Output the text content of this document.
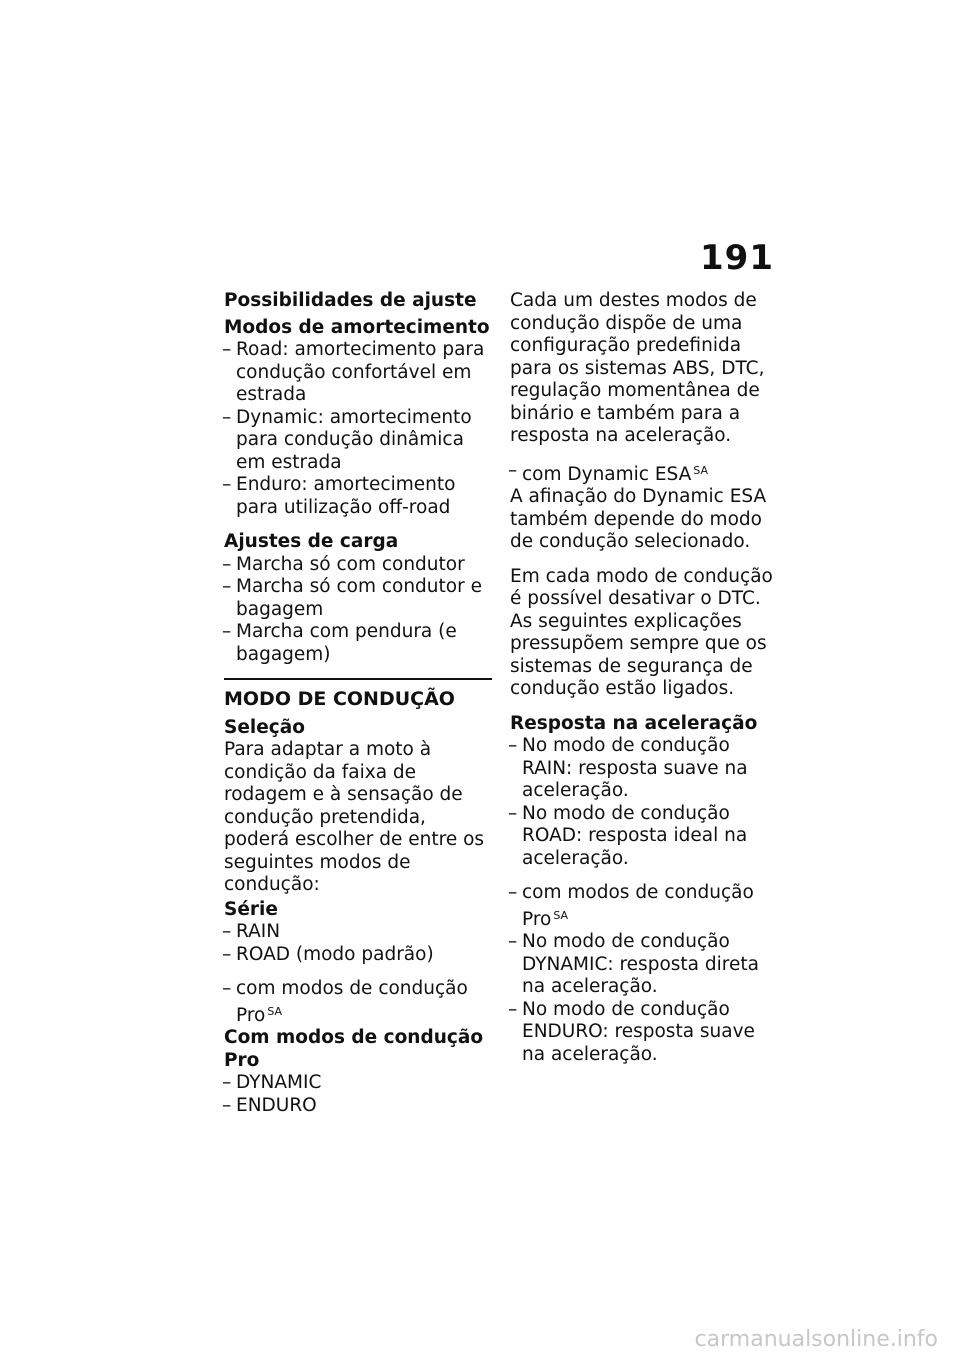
191

Possibilidades de ajuste

Modos de amortecimento

– Road: amortecimento para condução confortável em estrada
– Dynamic: amortecimento para condução dinâmica em estrada
– Enduro: amortecimento para utilização off-road

Ajustes de carga

– Marcha só com condutor
– Marcha só com condutor e bagagem
– Marcha com pendura (e bagagem)

MODO DE CONDUÇÃO

Seleção

Para adaptar a moto à condição da faixa de rodagem e à sensação de condução pretendida, poderá escolher de entre os seguintes modos de condução:

Série

– RAIN
– ROAD (modo padrão)
– com modos de condução Pro $^{SA}$

Com modos de condução Pro

– DYNAMIC
– ENDURO

Cada um destes modos de condução dispõe de uma configuração predefinida para os sistemas ABS, DTC, regulação momentânea de binário e também para a resposta na aceleração.

– com Dynamic ESA $^{SA}$

A afinação do Dynamic ESA também depende do modo de condução selecionado.

Em cada modo de condução é possível desativar o DTC. As seguintes explicações pressupõem sempre que os sistemas de segurança de condução estão ligados.

Resposta na aceleração

– No modo de condução RAIN: resposta suave na aceleração.
– No modo de condução ROAD: resposta ideal na aceleração.
– com modos de condução Pro $^{SA}$
– No modo de condução DYNAMIC: resposta direta na aceleração.
– No modo de condução ENDURO: resposta suave na aceleração.
carmanualsonline.info
